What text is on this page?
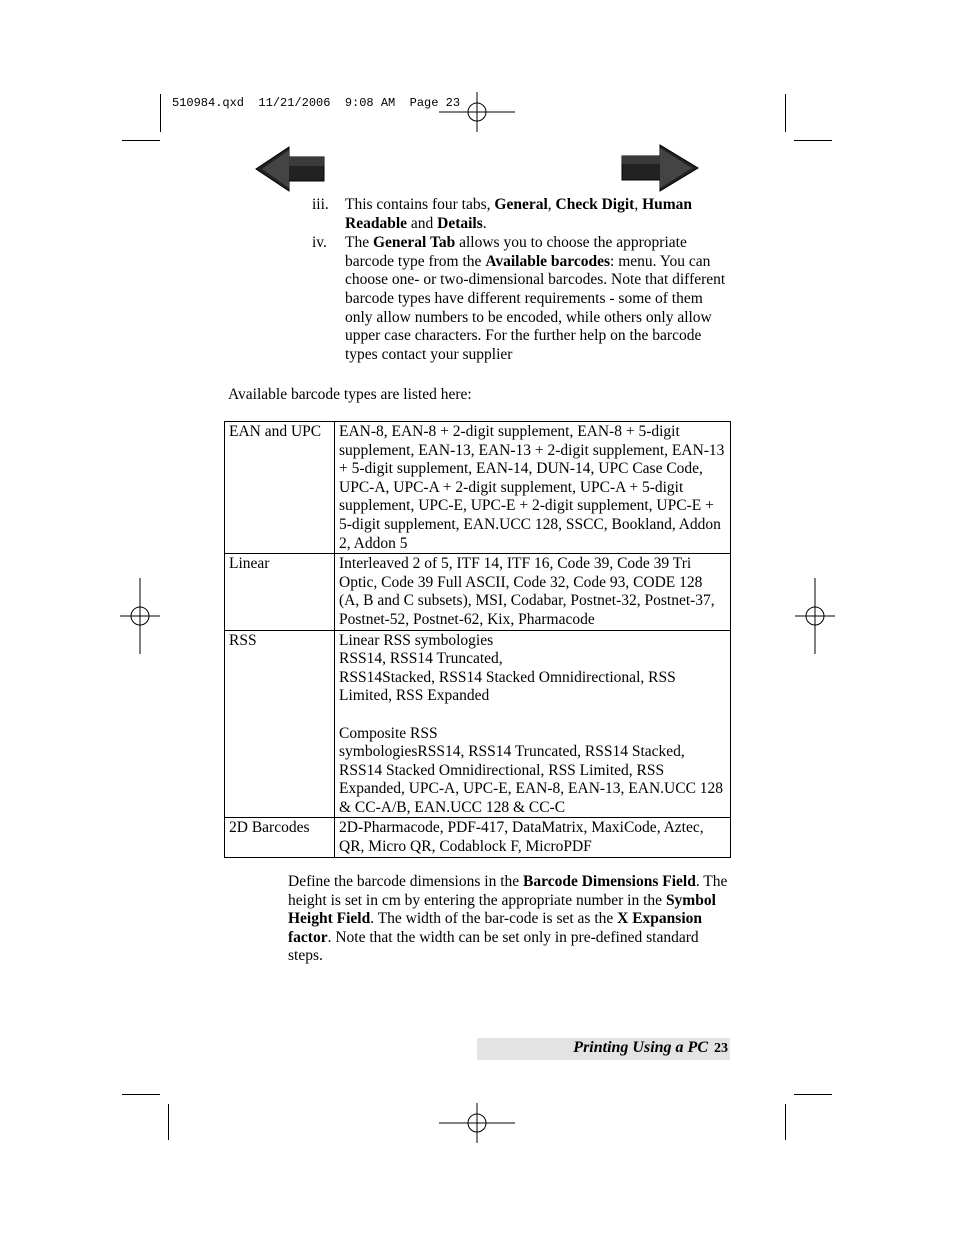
510984.qxd  11/21/2006  9:08 AM  Page 23
iii.	This contains four tabs, General, Check Digit, Human Readable and Details.
iv.	The General Tab allows you to choose the appropriate barcode type from the Available barcodes: menu. You can choose one- or two-dimensional barcodes. Note that different barcode types have different requirements - some of them only allow numbers to be encoded, while others only allow upper case characters. For the further help on the barcode types contact your supplier
Available barcode types are listed here:
EAN and UPC	EAN-8, EAN-8 + 2-digit supplement, EAN-8 + 5-digit supplement, EAN-13, EAN-13 + 2-digit supplement, EAN-13 + 5-digit supplement, EAN-14, DUN-14, UPC Case Code, UPC-A, UPC-A + 2-digit supplement, UPC-A + 5-digit supplement, UPC-E, UPC-E + 2-digit supplement, UPC-E + 5-digit supplement, EAN.UCC 128, SSCC, Bookland, Addon 2, Addon 5

Linear	Interleaved 2 of 5, ITF 14, ITF 16, Code 39, Code 39 Tri Optic, Code 39 Full ASCII, Code 32, Code 93, CODE 128 (A, B and C subsets), MSI, Codabar, Postnet-32, Postnet-37, Postnet-52, Postnet-62, Kix, Pharmacode

RSS	Linear RSS symbologies
RSS14, RSS14 Truncated,
RSS14Stacked, RSS14 Stacked Omnidirectional, RSS Limited, RSS Expanded
Composite RSS
symbologiesRSS14, RSS14 Truncated, RSS14 Stacked, RSS14 Stacked Omnidirectional, RSS Limited, RSS Expanded, UPC-A, UPC-E, EAN-8, EAN-13, EAN.UCC 128 & CC-A/B, EAN.UCC 128 & CC-C

2D Barcodes	2D-Pharmacode, PDF-417, DataMatrix, MaxiCode, Aztec, QR, Micro QR, Codablock F, MicroPDF
Define the barcode dimensions in the Barcode Dimensions Field. The height is set in cm by entering the appropriate number in the Symbol Height Field. The width of the bar-code is set as the X Expansion factor. Note that the width can be set only in pre-defined standard steps.
Printing Using a PC 23
